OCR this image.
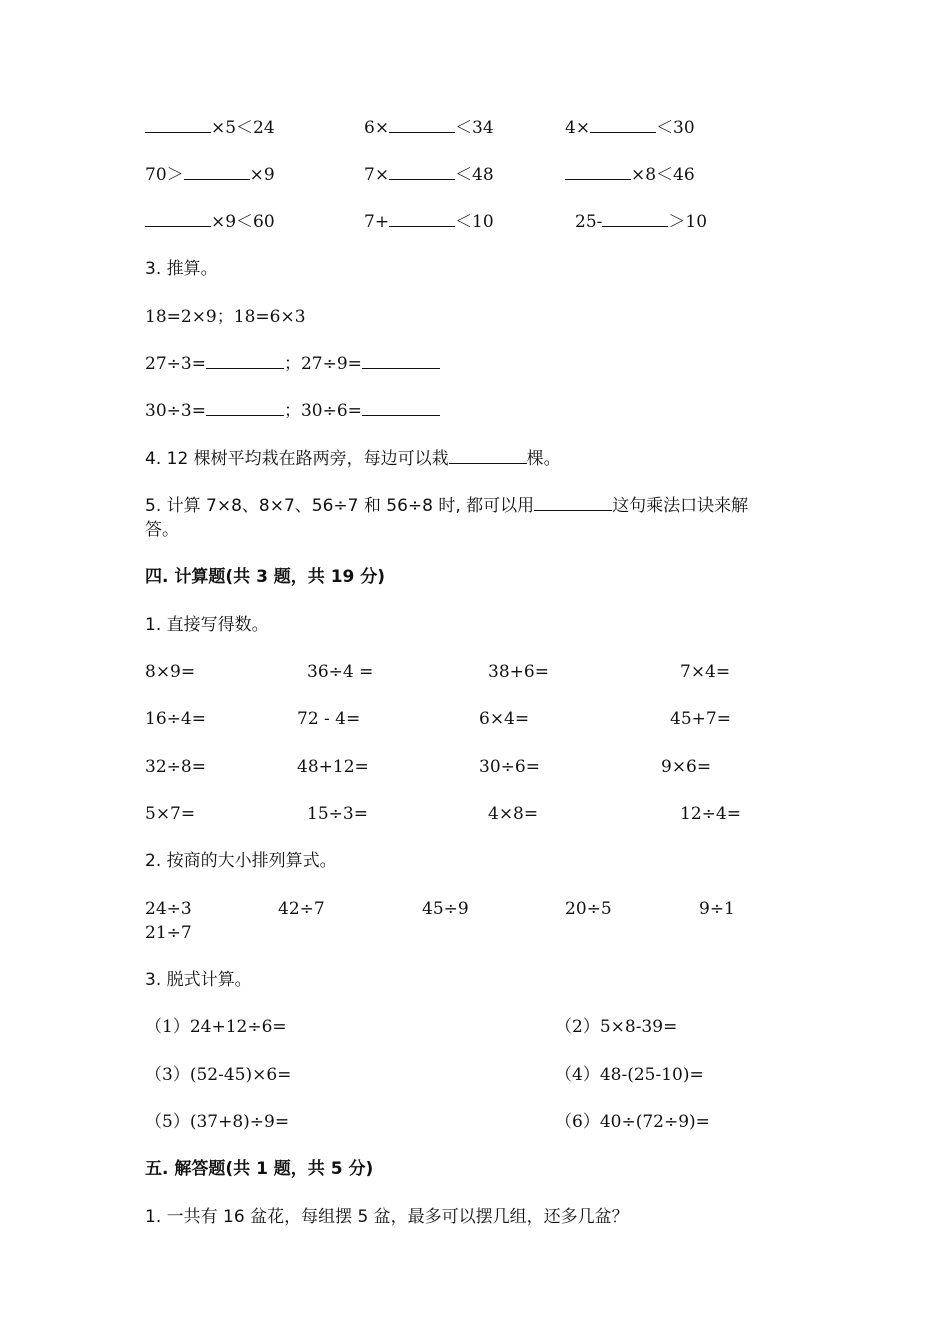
×5＜24	6×	＜34	4×	＜30
70＞	×9	7×	＜48	×8＜46
×9＜60	7+	＜10	25-	＞10
3. 推算。
18=2×9；18=6×3
27÷3=	；27÷9=
30÷3=	；30÷6=
4. 12 棵树平均栽在路两旁，每边可以栽	棵。
5. 计算 7×8、8×7、56÷7 和 56÷8 时, 都可以用	这句乘法口诀来解
答。
四. 计算题(共 3 题，共 19 分)
1. 直接写得数。
8×9=	36÷4 =	38+6=	7×4=
16÷4=	72 - 4=	6×4=	45+7=
32÷8=	48+12=	30÷6=	9×6=
5×7=	15÷3=	4×8=	12÷4=
2. 按商的大小排列算式。
24÷3	42÷7	45÷9	20÷5	9÷1
21÷7
3. 脱式计算。
（1）24+12÷6=	（2）5×8-39=
（3）(52-45)×6=	（4）48-(25-10)=
（5）(37+8)÷9=	（6）40÷(72÷9)=
五. 解答题(共 1 题，共 5 分)
1. 一共有 16 盆花，每组摆 5 盆，最多可以摆几组，还多几盆？
